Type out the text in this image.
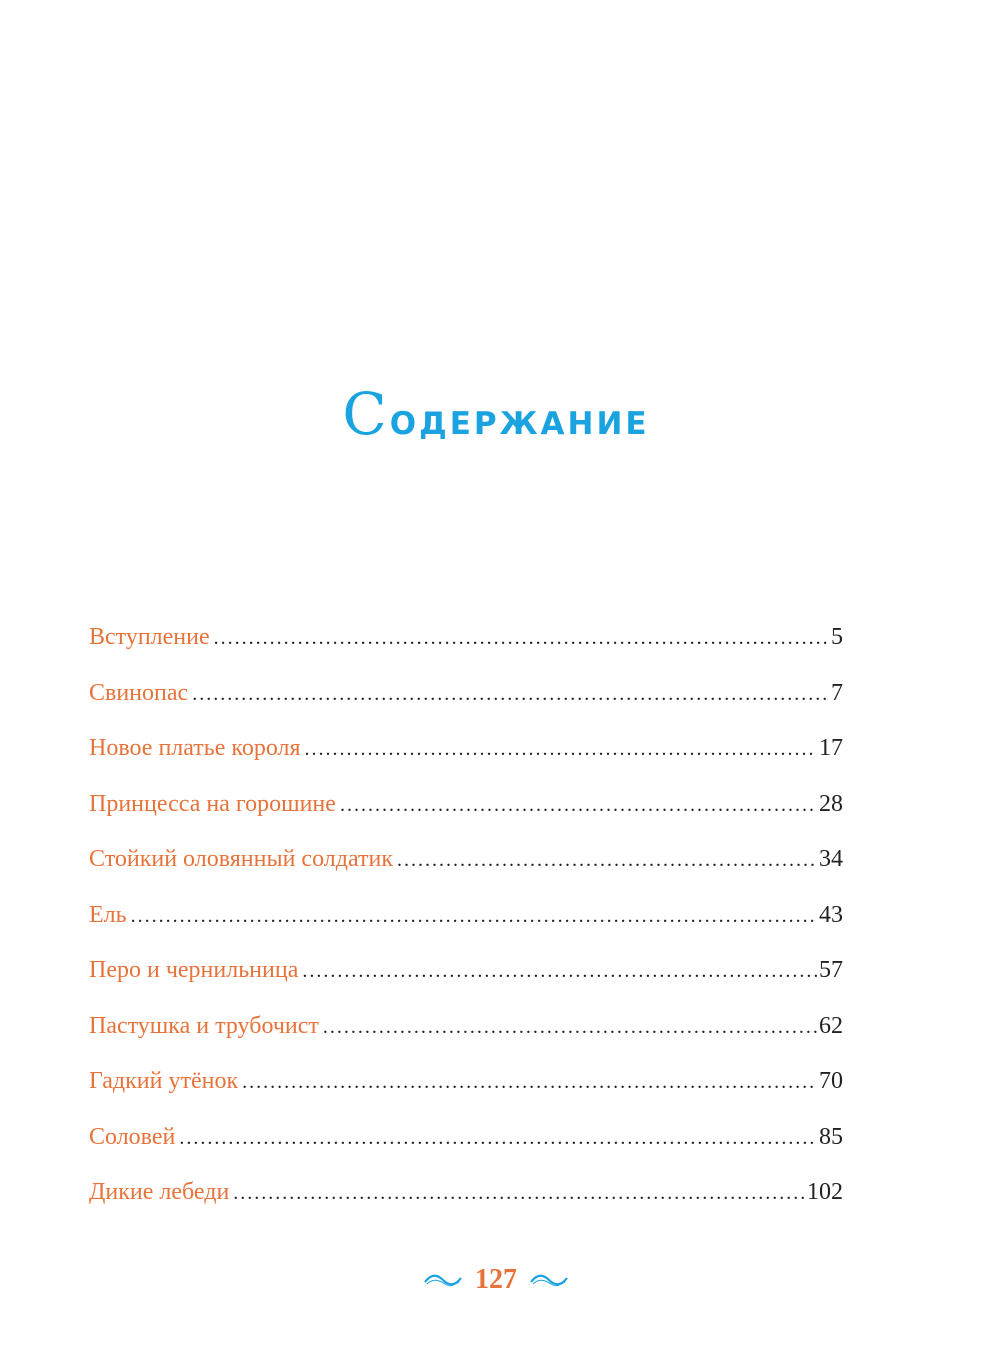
Содержание
Вступление .....	5
Свинопас .....	7
Новое платье короля .....	17
Принцесса на горошине .....	28
Стойкий оловянный солдатик .....	34
Ель .....	43
Перо и чернильница .....	57
Пастушка и трубочист .....	62
Гадкий утёнок .....	70
Соловей .....	85
Дикие лебеди .....	102
127
